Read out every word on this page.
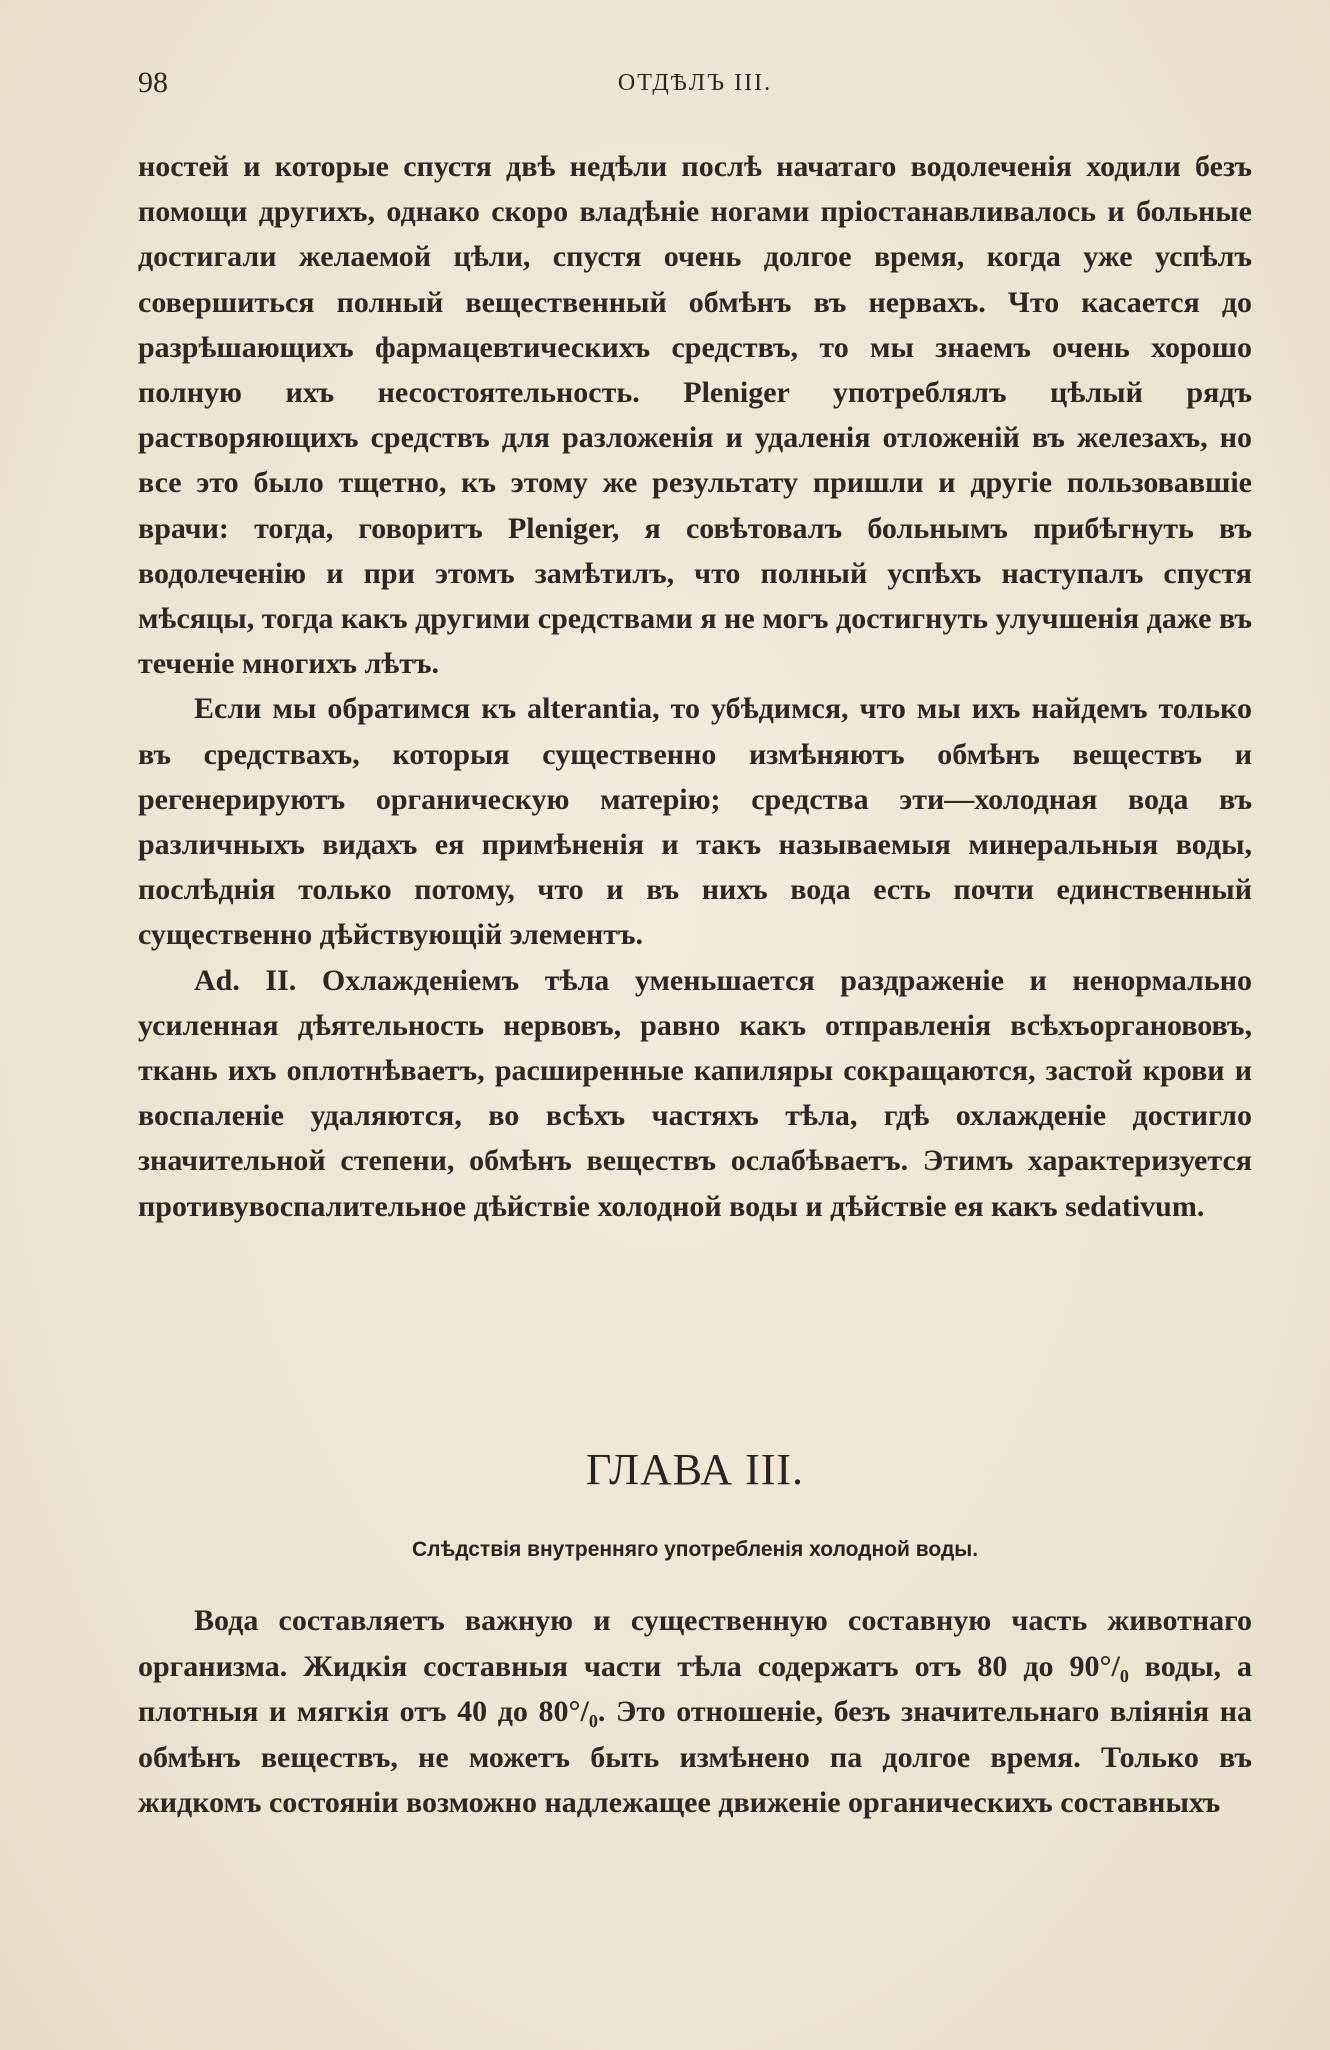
98	ОТДѢЛЪ III.

ностей и которые спустя двѣ недѣли послѣ начатаго водолеченія ходили безъ помощи другихъ, однако скоро владѣніе ногами пріостанавливалось и больные достигали желаемой цѣли, спустя очень долгое время, когда уже успѣлъ совершиться полный вещественный обмѣнъ въ нервахъ. Что касается до разрѣшающихъ фармацевтическихъ средствъ, то мы знаемъ очень хорошо полную ихъ несостоятельность. Pleniger употреблялъ цѣлый рядъ растворяющихъ средствъ для разложенія и удаленія отложеній въ железахъ, но все это было тщетно, къ этому же результату пришли и другіе пользовавшіе врачи: тогда, говоритъ Pleniger, я совѣтовалъ больнымъ прибѣгнуть въ водолеченію и при этомъ замѣтилъ, что полный успѣхъ наступалъ спустя мѣсяцы, тогда какъ другими средствами я не могъ достигнуть улучшенія даже въ теченіе многихъ лѣтъ.

Если мы обратимся къ alterantia, то убѣдимся, что мы ихъ найдемъ только въ средствахъ, которыя существенно измѣняютъ обмѣнъ веществъ и регенерируютъ органическую матерію; средства эти—холодная вода въ различныхъ видахъ ея примѣненія и такъ называемыя минеральныя воды, послѣднія только потому, что и въ нихъ вода есть почти единственный существенно дѣйствующій элементъ.

Ad. II. Охлажденіемъ тѣла уменьшается раздраженіе и ненормально усиленная дѣятельность нервовъ, равно какъ отправленія всѣхъорганововъ, ткань ихъ оплотнѣваетъ, расширенные капиляры сокращаются, застой крови и воспаленіе удаляются, во всѣхъ частяхъ тѣла, гдѣ охлажденіе достигло значительной степени, обмѣнъ веществъ ослабѣваетъ. Этимъ характеризуется противувоспалительное дѣйствіе холодной воды и дѣйствіе ея какъ sedativum.

ГЛАВА III.
Слѣдствія внутренняго употребленія холодной воды.

Вода составляетъ важную и существенную составную часть животнаго организма. Жидкія составныя части тѣла содержатъ отъ 80 до 90°/₀ воды, а плотныя и мягкія отъ 40 до 80°/₀. Это отношеніе, безъ значительнаго вліянія на обмѣнъ веществъ, не можетъ быть измѣнено па долгое время. Только въ жидкомъ состояніи возможно надлежащее движеніе органическихъ составныхъ
